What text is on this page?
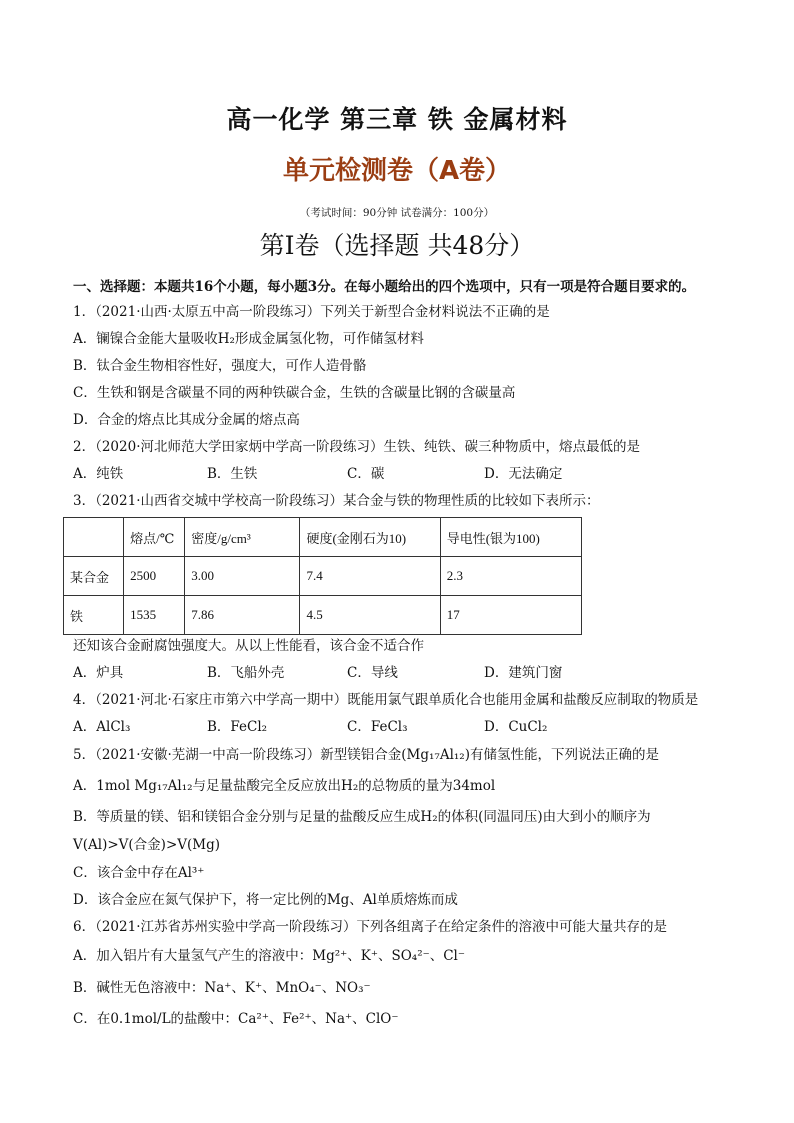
高一化学 第三章 铁 金属材料
单元检测卷（A卷）
（考试时间：90分钟 试卷满分：100分）
第Ⅰ卷（选择题 共48分）
一、选择题：本题共16个小题，每小题3分。在每小题给出的四个选项中，只有一项是符合题目要求的。
1．（2021·山西·太原五中高一阶段练习）下列关于新型合金材料说法不正确的是
A．镧镍合金能大量吸收H₂形成金属氢化物，可作储氢材料
B．钛合金生物相容性好，强度大，可作人造骨骼
C．生铁和钢是含碳量不同的两种铁碳合金，生铁的含碳量比钢的含碳量高
D．合金的熔点比其成分金属的熔点高
2．（2020·河北师范大学田家炳中学高一阶段练习）生铁、纯铁、碳三种物质中，熔点最低的是
A．纯铁	B．生铁	C．碳	D．无法确定
3．（2021·山西省交城中学校高一阶段练习）某合金与铁的物理性质的比较如下表所示：
	熔点/℃	密度/g/cm³	硬度(金刚石为10)	导电性(银为100)
某合金	2500	3.00	7.4	2.3
铁	1535	7.86	4.5	17
还知该合金耐腐蚀强度大。从以上性能看，该合金不适合作
A．炉具	B．飞船外壳	C．导线	D．建筑门窗
4．（2021·河北·石家庄市第六中学高一期中）既能用氯气跟单质化合也能用金属和盐酸反应制取的物质是
A．AlCl₃	B．FeCl₂	C．FeCl₃	D．CuCl₂
5．（2021·安徽·芜湖一中高一阶段练习）新型镁铝合金(Mg₁₇Al₁₂)有储氢性能，下列说法正确的是
A．1mol Mg₁₇Al₁₂与足量盐酸完全反应放出H₂的总物质的量为34mol
B．等质量的镁、铝和镁铝合金分别与足量的盐酸反应生成H₂的体积(同温同压)由大到小的顺序为
V(Al)>V(合金)>V(Mg)
C．该合金中存在Al³⁺
D．该合金应在氮气保护下，将一定比例的Mg、Al单质熔炼而成
6．（2021·江苏省苏州实验中学高一阶段练习）下列各组离子在给定条件的溶液中可能大量共存的是
A．加入铝片有大量氢气产生的溶液中：Mg²⁺、K⁺、SO₄²⁻、Cl⁻
B．碱性无色溶液中：Na⁺、K⁺、MnO₄⁻、NO₃⁻
C．在0.1mol/L的盐酸中：Ca²⁺、Fe²⁺、Na⁺、ClO⁻
